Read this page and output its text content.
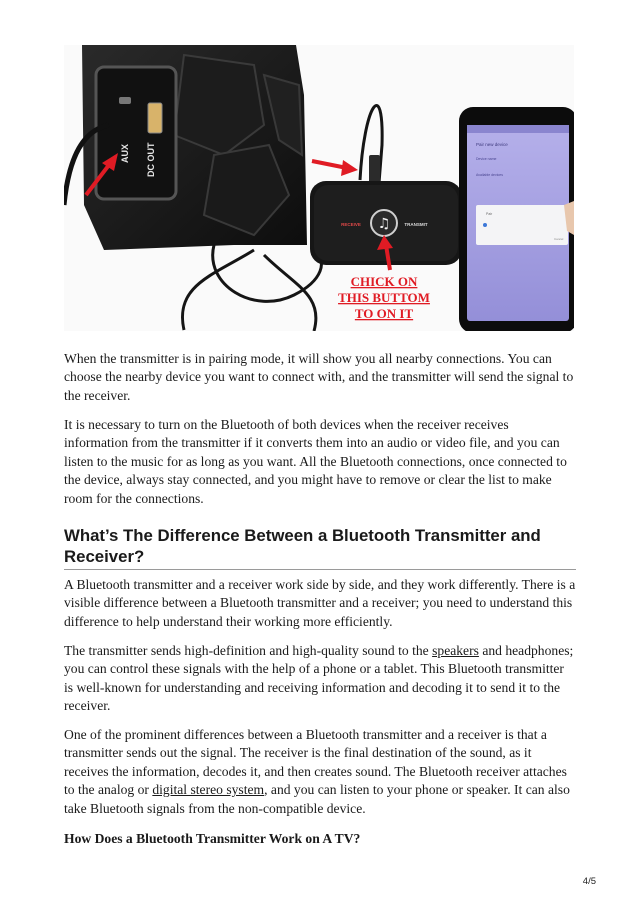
AUX DC OUT
♫
RECEIVE	TRANSMIT
Pair new device
Device name
Available devices
Pair
Cancel
CHICK ON
THIS BUTTOM
TO ON IT

When the transmitter is in pairing mode, it will show you all nearby connections. You can choose the nearby device you want to connect with, and the transmitter will send the signal to the receiver.

It is necessary to turn on the Bluetooth of both devices when the receiver receives information from the transmitter if it converts them into an audio or video file, and you can listen to the music for as long as you want. All the Bluetooth connections, once connected to the device, always stay connected, and you might have to remove or clear the list to make room for the connections.

What’s The Difference Between a Bluetooth Transmitter and Receiver?

A Bluetooth transmitter and a receiver work side by side, and they work differently. There is a visible difference between a Bluetooth transmitter and a receiver; you need to understand this difference to help understand their working more efficiently.

The transmitter sends high-definition and high-quality sound to the speakers and headphones; you can control these signals with the help of a phone or a tablet. This Bluetooth transmitter is well-known for understanding and receiving information and decoding it to send it to the receiver.

One of the prominent differences between a Bluetooth transmitter and a receiver is that a transmitter sends out the signal. The receiver is the final destination of the sound, as it receives the information, decodes it, and then creates sound. The Bluetooth receiver attaches to the analog or digital stereo system, and you can listen to your phone or speaker. It can also take Bluetooth signals from the non-compatible device.

How Does a Bluetooth Transmitter Work on A TV?
4/5
